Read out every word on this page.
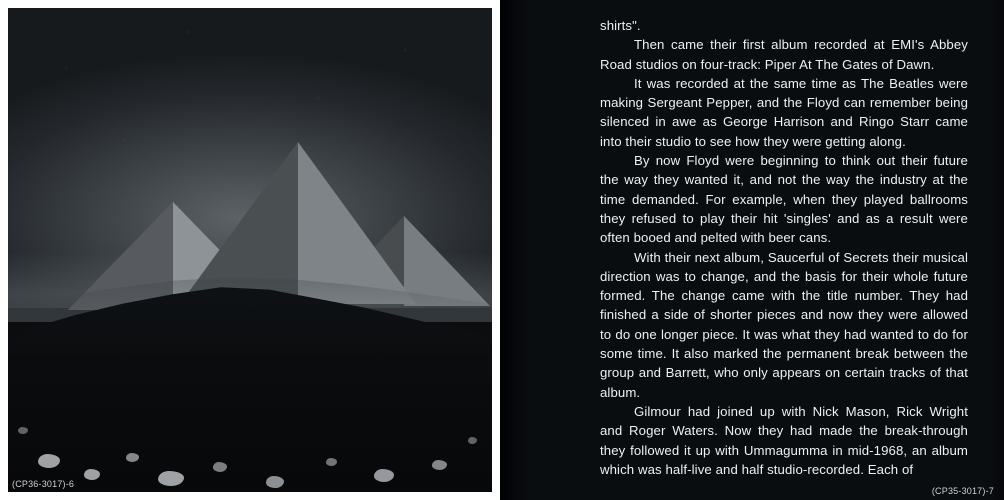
(CP36-3017)-6

shirts".

Then came their first album recorded at EMI's Abbey Road studios on four-track: Piper At The Gates of Dawn.

It was recorded at the same time as The Beatles were making Sergeant Pepper, and the Floyd can remember being silenced in awe as George Harrison and Ringo Starr came into their studio to see how they were getting along.

By now Floyd were beginning to think out their future the way they wanted it, and not the way the industry at the time demanded. For example, when they played ballrooms they refused to play their hit 'singles' and as a result were often booed and pelted with beer cans.

With their next album, Saucerful of Secrets their musical direction was to change, and the basis for their whole future formed. The change came with the title number. They had finished a side of shorter pieces and now they were allowed to do one longer piece. It was what they had wanted to do for some time. It also marked the permanent break between the group and Barrett, who only appears on certain tracks of that album.

Gilmour had joined up with Nick Mason, Rick Wright and Roger Waters. Now they had made the break-through they followed it up with Ummagumma in mid-1968, an album which was half-live and half studio-recorded. Each of

(CP35-3017)-7
